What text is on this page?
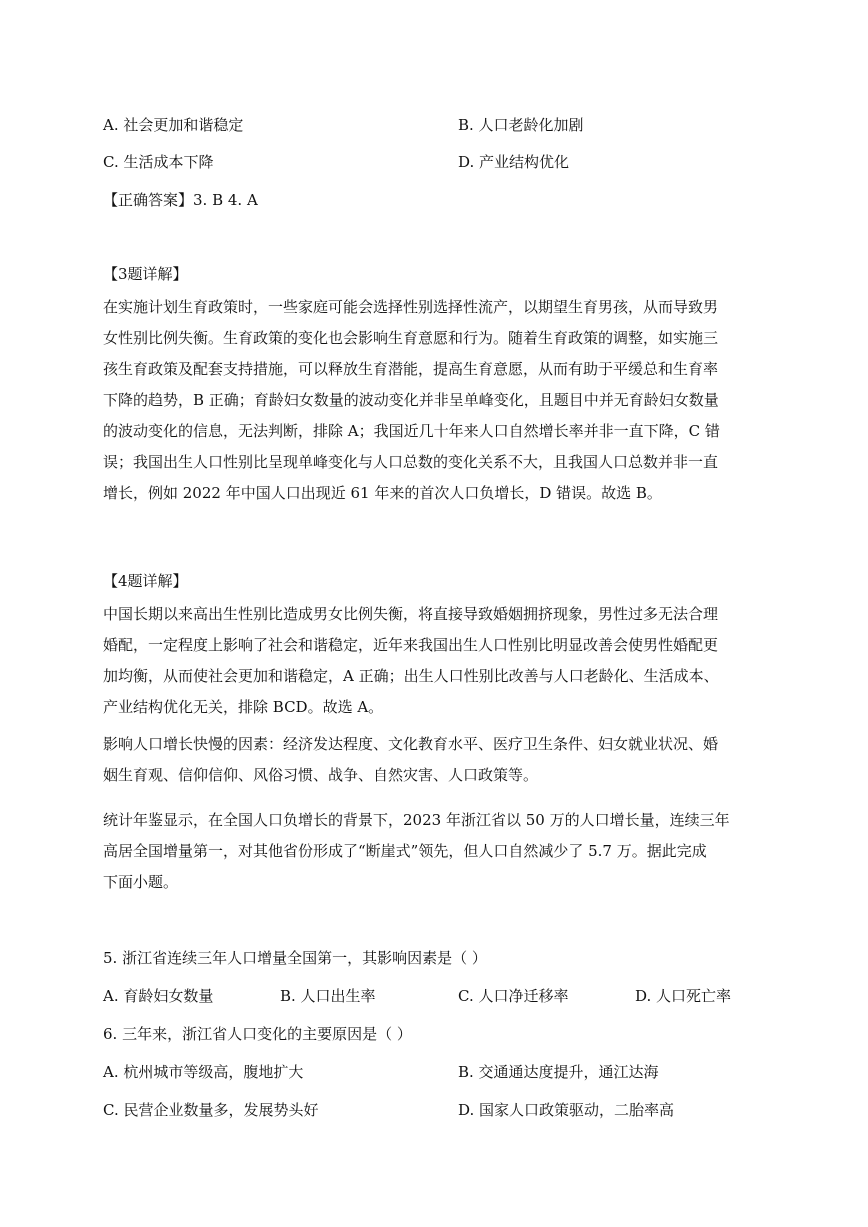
A. 社会更加和谐稳定	B. 人口老龄化加剧
C. 生活成本下降	D. 产业结构优化
【正确答案】3. B 4. A
【3题详解】

在实施计划生育政策时，一些家庭可能会选择性别选择性流产，以期望生育男孩，从而导致男

女性别比例失衡。生育政策的变化也会影响生育意愿和行为。随着生育政策的调整，如实施三

孩生育政策及配套支持措施，可以释放生育潜能，提高生育意愿，从而有助于平缓总和生育率

下降的趋势，B 正确；育龄妇女数量的波动变化并非呈单峰变化，且题目中并无育龄妇女数量

的波动变化的信息，无法判断，排除 A；我国近几十年来人口自然增长率并非一直下降，C 错

误；我国出生人口性别比呈现单峰变化与人口总数的变化关系不大，且我国人口总数并非一直

增长，例如 2022 年中国人口出现近 61 年来的首次人口负增长，D 错误。故选 B。

【4题详解】

中国长期以来高出生性别比造成男女比例失衡，将直接导致婚姻拥挤现象，男性过多无法合理

婚配，一定程度上影响了社会和谐稳定，近年来我国出生人口性别比明显改善会使男性婚配更

加均衡，从而使社会更加和谐稳定，A 正确；出生人口性别比改善与人口老龄化、生活成本、

产业结构优化无关，排除 BCD。故选 A。

影响人口增长快慢的因素：经济发达程度、文化教育水平、医疗卫生条件、妇女就业状况、婚

姻生育观、信仰信仰、风俗习惯、战争、自然灾害、人口政策等。

统计年鉴显示，在全国人口负增长的背景下，2023 年浙江省以 50 万的人口增长量，连续三年

高居全国增量第一，对其他省份形成了“断崖式”领先，但人口自然减少了 5.7 万。据此完成

下面小题。

5. 浙江省连续三年人口增量全国第一，其影响因素是（ ）
A. 育龄妇女数量	B. 人口出生率	C. 人口净迁移率	D. 人口死亡率
6. 三年来，浙江省人口变化的主要原因是（ ）
A. 杭州城市等级高，腹地扩大	B. 交通通达度提升，通江达海
C. 民营企业数量多，发展势头好	D. 国家人口政策驱动，二胎率高
